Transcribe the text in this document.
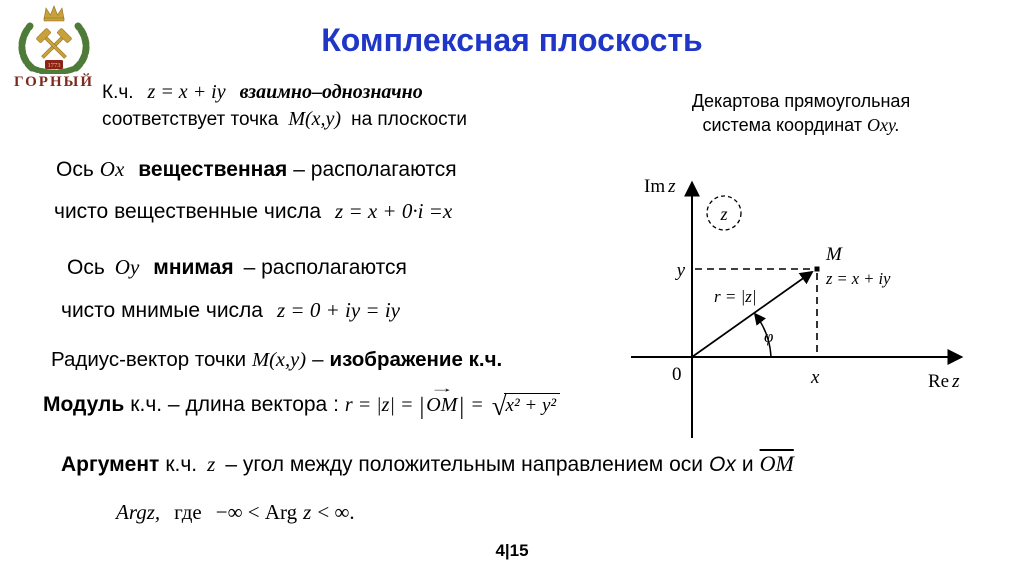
1773
ГОРНЫЙ
Комплексная плоскость
К.ч. z = x + iy взаимно–однозначно
соответствует точка M(x,y) на плоскости
Декартова прямоугольная
система координат Oxy.
Ось Ox вещественная – располагаются
чисто вещественные числа z = x + 0·i =x
Ось Oy мнимая – располагаются
чисто мнимые числа z = 0 + iy = iy
Радиус-вектор точки M(x,y) – изображение к.ч.
Модуль к.ч. – длина вектора : r = |z| = |
→
OM| = √x² + y²
Аргумент к.ч. z – угол между положительным направлением оси Ox и $\overline{OM}$
Argz, где −∞ < Arg z < ∞.
z
Im z
Re z
0
y
x
M
z = x + iy
r = |z|
φ
4|15
